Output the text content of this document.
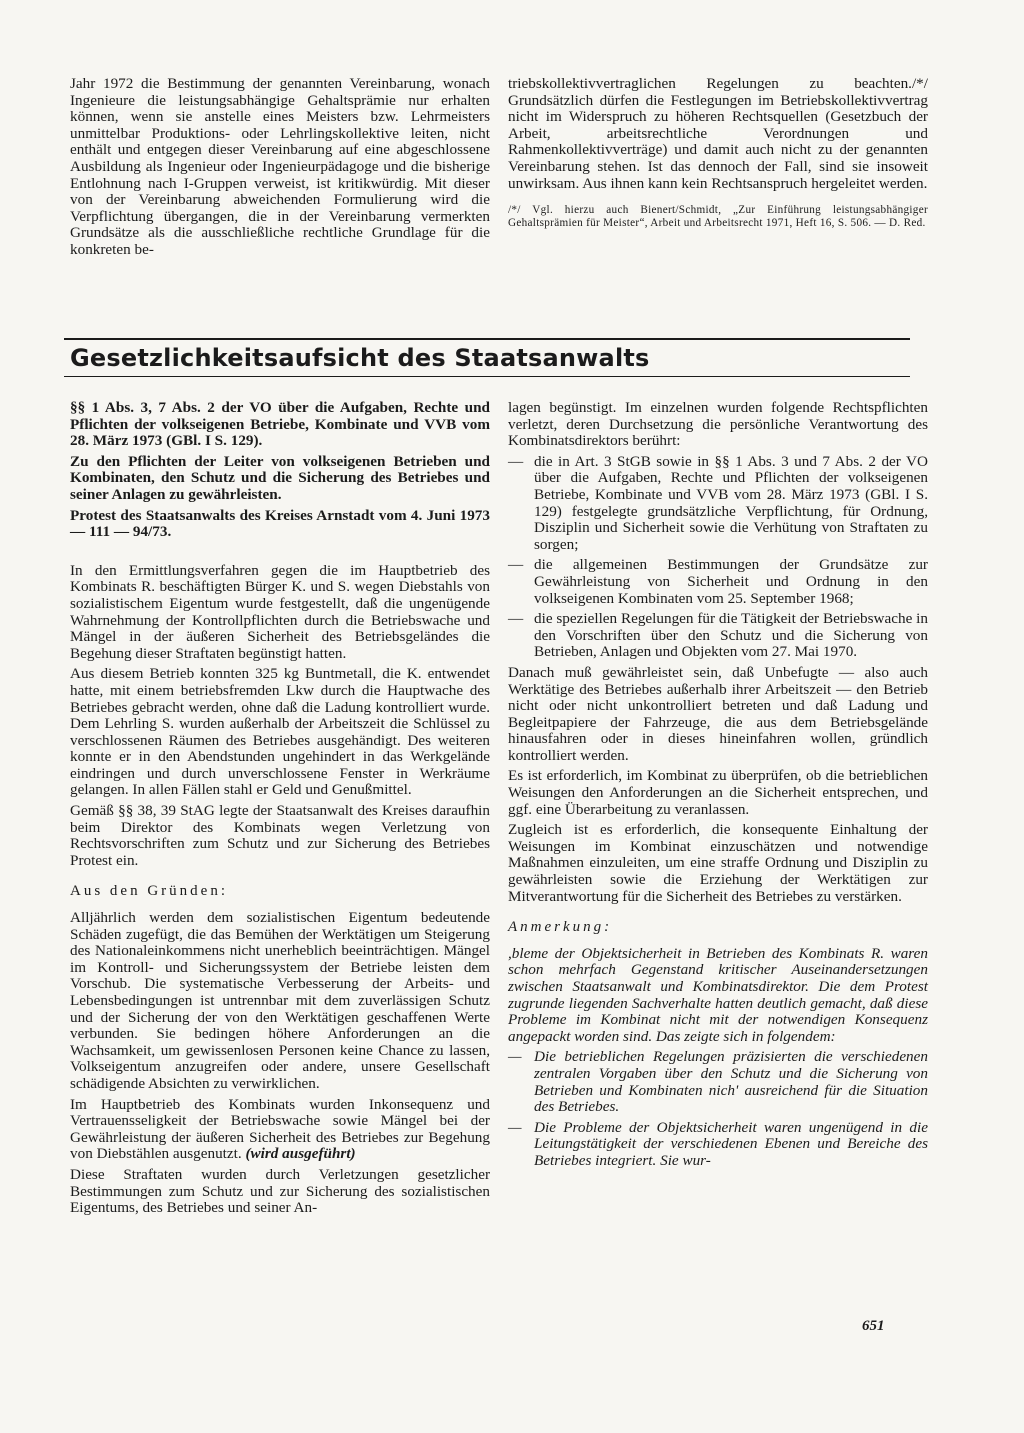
Jahr 1972 die Bestimmung der genannten Vereinbarung, wonach Ingenieure die leistungsabhängige Gehaltsprämie nur erhalten können, wenn sie anstelle eines Meisters bzw. Lehrmeisters unmittelbar Produktions- oder Lehrlingskollektive leiten, nicht enthält und entgegen dieser Vereinbarung auf eine abgeschlossene Ausbildung als Ingenieur oder Ingenieurpädagoge und die bisherige Entlohnung nach I-Gruppen verweist, ist kritikwürdig. Mit dieser von der Vereinbarung abweichenden Formulierung wird die Verpflichtung übergangen, die in der Vereinbarung vermerkten Grundsätze als die ausschließliche rechtliche Grundlage für die konkreten be-

triebskollektivvertraglichen Regelungen zu beachten./*/ Grundsätzlich dürfen die Festlegungen im Betriebskollektivvertrag nicht im Widerspruch zu höheren Rechtsquellen (Gesetzbuch der Arbeit, arbeitsrechtliche Verordnungen und Rahmenkollektivverträge) und damit auch nicht zu der genannten Vereinbarung stehen. Ist das dennoch der Fall, sind sie insoweit unwirksam. Aus ihnen kann kein Rechtsanspruch hergeleitet werden.

/*/ Vgl. hierzu auch Bienert/Schmidt, „Zur Einführung leistungsabhängiger Gehaltsprämien für Meister“, Arbeit und Arbeitsrecht 1971, Heft 16, S. 506. — D. Red.

Gesetzlichkeitsaufsicht des Staatsanwalts

§§ 1 Abs. 3, 7 Abs. 2 der VO über die Aufgaben, Rechte und Pflichten der volkseigenen Betriebe, Kombinate und VVB vom 28. März 1973 (GBl. I S. 129).

Zu den Pflichten der Leiter von volkseigenen Betrieben und Kombinaten, den Schutz und die Sicherung des Betriebes und seiner Anlagen zu gewährleisten.

Protest des Staatsanwalts des Kreises Arnstadt vom 4. Juni 1973 — 111 — 94/73.

In den Ermittlungsverfahren gegen die im Hauptbetrieb des Kombinats R. beschäftigten Bürger K. und S. wegen Diebstahls von sozialistischem Eigentum wurde festgestellt, daß die ungenügende Wahrnehmung der Kontrollpflichten durch die Betriebswache und Mängel in der äußeren Sicherheit des Betriebsgeländes die Begehung dieser Straftaten begünstigt hatten.

Aus diesem Betrieb konnten 325 kg Buntmetall, die K. entwendet hatte, mit einem betriebsfremden Lkw durch die Hauptwache des Betriebes gebracht werden, ohne daß die Ladung kontrolliert wurde. Dem Lehrling S. wurden außerhalb der Arbeitszeit die Schlüssel zu verschlossenen Räumen des Betriebes ausgehändigt. Des weiteren konnte er in den Abendstunden ungehindert in das Werkgelände eindringen und durch unverschlossene Fenster in Werkräume gelangen. In allen Fällen stahl er Geld und Genußmittel.

Gemäß §§ 38, 39 StAG legte der Staatsanwalt des Kreises daraufhin beim Direktor des Kombinats wegen Verletzung von Rechtsvorschriften zum Schutz und zur Sicherung des Betriebes Protest ein.

Aus den Gründen:

Alljährlich werden dem sozialistischen Eigentum bedeutende Schäden zugefügt, die das Bemühen der Werktätigen um Steigerung des Nationaleinkommens nicht unerheblich beeinträchtigen. Mängel im Kontroll- und Sicherungssystem der Betriebe leisten dem Vorschub. Die systematische Verbesserung der Arbeits- und Lebensbedingungen ist untrennbar mit dem zuverlässigen Schutz und der Sicherung der von den Werktätigen geschaffenen Werte verbunden. Sie bedingen höhere Anforderungen an die Wachsamkeit, um gewissenlosen Personen keine Chance zu lassen, Volkseigentum anzugreifen oder andere, unsere Gesellschaft schädigende Absichten zu verwirklichen.

Im Hauptbetrieb des Kombinats wurden Inkonsequenz und Vertrauensseligkeit der Betriebswache sowie Mängel bei der Gewährleistung der äußeren Sicherheit des Betriebes zur Begehung von Diebstählen ausgenutzt. (wird ausgeführt)

Diese Straftaten wurden durch Verletzungen gesetzlicher Bestimmungen zum Schutz und zur Sicherung des sozialistischen Eigentums, des Betriebes und seiner An-

lagen begünstigt. Im einzelnen wurden folgende Rechtspflichten verletzt, deren Durchsetzung die persönliche Verantwortung des Kombinatsdirektors berührt:

— die in Art. 3 StGB sowie in §§ 1 Abs. 3 und 7 Abs. 2 der VO über die Aufgaben, Rechte und Pflichten der volkseigenen Betriebe, Kombinate und VVB vom 28. März 1973 (GBl. I S. 129) festgelegte grundsätzliche Verpflichtung, für Ordnung, Disziplin und Sicherheit sowie die Verhütung von Straftaten zu sorgen;
— die allgemeinen Bestimmungen der Grundsätze zur Gewährleistung von Sicherheit und Ordnung in den volkseigenen Kombinaten vom 25. September 1968;
— die speziellen Regelungen für die Tätigkeit der Betriebswache in den Vorschriften über den Schutz und die Sicherung von Betrieben, Anlagen und Objekten vom 27. Mai 1970.

Danach muß gewährleistet sein, daß Unbefugte — also auch Werktätige des Betriebes außerhalb ihrer Arbeitszeit — den Betrieb nicht oder nicht unkontrolliert betreten und daß Ladung und Begleitpapiere der Fahrzeuge, die aus dem Betriebsgelände hinausfahren oder in dieses hineinfahren wollen, gründlich kontrolliert werden.

Es ist erforderlich, im Kombinat zu überprüfen, ob die betrieblichen Weisungen den Anforderungen an die Sicherheit entsprechen, und ggf. eine Überarbeitung zu veranlassen.

Zugleich ist es erforderlich, die konsequente Einhaltung der Weisungen im Kombinat einzuschätzen und notwendige Maßnahmen einzuleiten, um eine straffe Ordnung und Disziplin zu gewährleisten sowie die Erziehung der Werktätigen zur Mitverantwortung für die Sicherheit des Betriebes zu verstärken.

Anmerkung:

,bleme der Objektsicherheit in Betrieben des Kombinats R. waren schon mehrfach Gegenstand kritischer Auseinandersetzungen zwischen Staatsanwalt und Kombinatsdirektor. Die dem Protest zugrunde liegenden Sachverhalte hatten deutlich gemacht, daß diese Probleme im Kombinat nicht mit der notwendigen Konsequenz angepackt worden sind. Das zeigte sich in folgendem:

— Die betrieblichen Regelungen präzisierten die verschiedenen zentralen Vorgaben über den Schutz und die Sicherung von Betrieben und Kombinaten nich' ausreichend für die Situation des Betriebes.
— Die Probleme der Objektsicherheit waren ungenügend in die Leitungstätigkeit der verschiedenen Ebenen und Bereiche des Betriebes integriert. Sie wur-
651
